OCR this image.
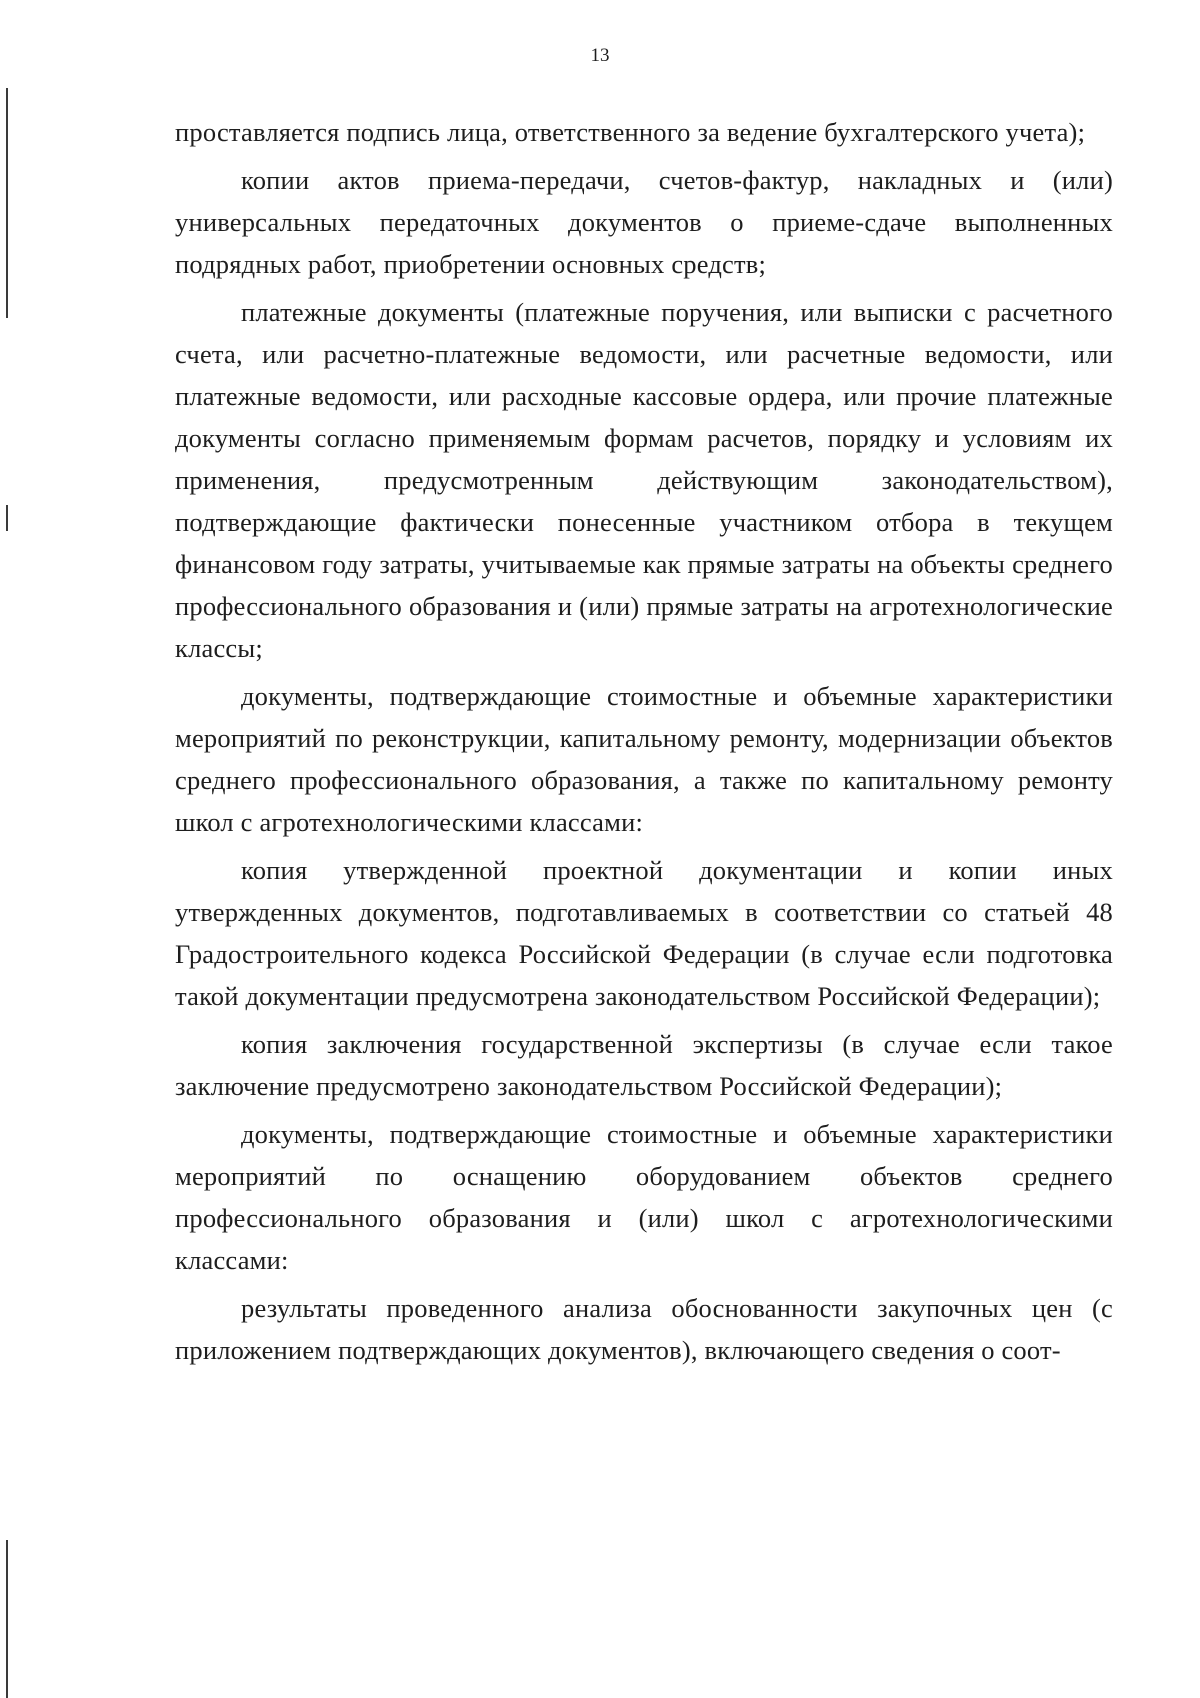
13

проставляется подпись лица, ответственного за ведение бухгалтерского учета);

копии актов приема-передачи, счетов-фактур, накладных и (или) универсальных передаточных документов о приеме-сдаче выполненных подрядных работ, приобретении основных средств;

платежные документы (платежные поручения, или выписки с расчетного счета, или расчетно-платежные ведомости, или расчетные ведомости, или платежные ведомости, или расходные кассовые ордера, или прочие платежные документы согласно применяемым формам расчетов, порядку и условиям их применения, предусмотренным действующим законодательством), подтверждающие фактически понесенные участником отбора в текущем финансовом году затраты, учитываемые как прямые затраты на объекты среднего профессионального образования и (или) прямые затраты на агротехнологические классы;

документы, подтверждающие стоимостные и объемные характеристики мероприятий по реконструкции, капитальному ремонту, модернизации объектов среднего профессионального образования, а также по капитальному ремонту школ с агротехнологическими классами:

копия утвержденной проектной документации и копии иных утвержденных документов, подготавливаемых в соответствии со статьей 48 Градостроительного кодекса Российской Федерации (в случае если подготовка такой документации предусмотрена законодательством Российской Федерации);

копия заключения государственной экспертизы (в случае если такое заключение предусмотрено законодательством Российской Федерации);

документы, подтверждающие стоимостные и объемные характеристики мероприятий по оснащению оборудованием объектов среднего профессионального образования и (или) школ с агротехнологическими классами:

результаты проведенного анализа обоснованности закупочных цен (с приложением подтверждающих документов), включающего сведения о соот-
